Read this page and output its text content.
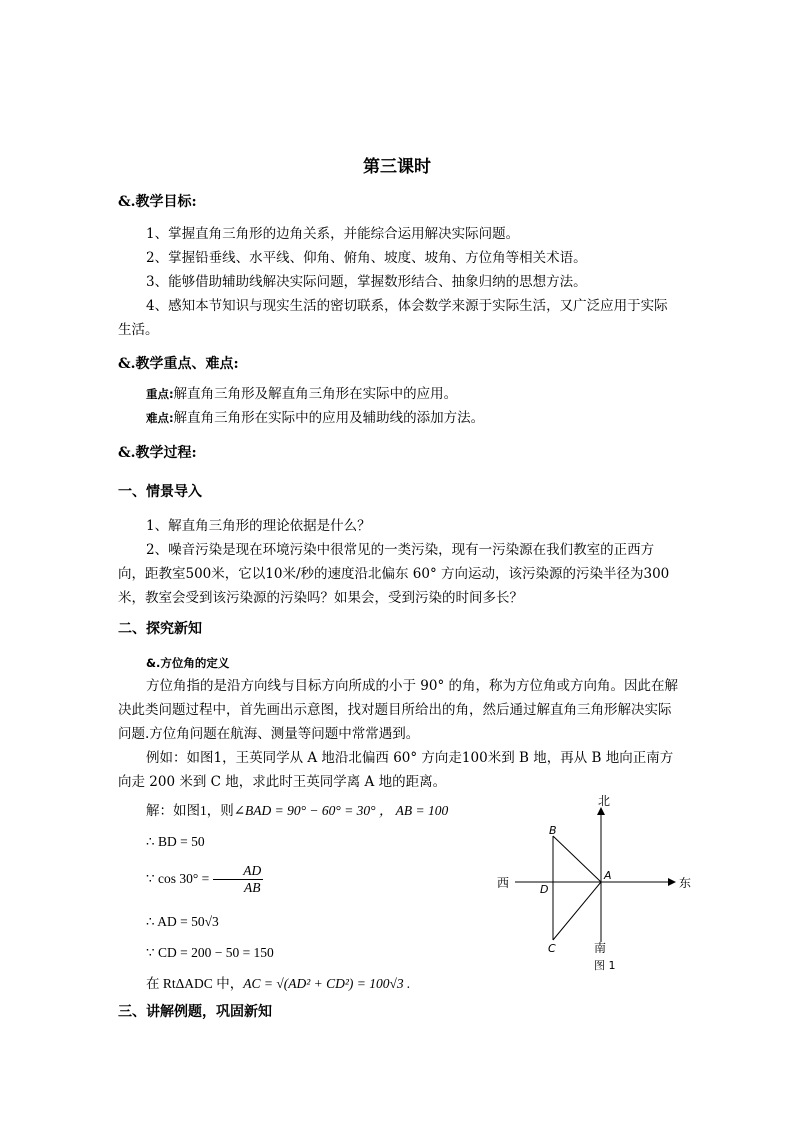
第三课时

&.教学目标:

1、掌握直角三角形的边角关系，并能综合运用解决实际问题。

2、掌握铅垂线、水平线、仰角、俯角、坡度、坡角、方位角等相关术语。

3、能够借助辅助线解决实际问题，掌握数形结合、抽象归纳的思想方法。

4、感知本节知识与现实生活的密切联系，体会数学来源于实际生活，又广泛应用于实际生活。

&.教学重点、难点:

重点:解直角三角形及解直角三角形在实际中的应用。

难点:解直角三角形在实际中的应用及辅助线的添加方法。

&.教学过程:

一、情景导入

1、解直角三角形的理论依据是什么？

2、噪音污染是现在环境污染中很常见的一类污染，现有一污染源在我们教室的正西方向，距教室500米，它以10米/秒的速度沿北偏东 60° 方向运动，该污染源的污染半径为300米，教室会受到该污染源的污染吗？如果会，受到污染的时间多长？

二、探究新知

&.方位角的定义

方位角指的是沿方向线与目标方向所成的小于 90° 的角，称为方位角或方向角。因此在解决此类问题过程中，首先画出示意图，找对题目所给出的角，然后通过解直角三角形解决实际问题.方位角问题在航海、测量等问题中常常遇到。

例如：如图1，王英同学从 A 地沿北偏西 60° 方向走100米到 B 地，再从 B 地向正南方向走 200 米到 C 地，求此时王英同学离 A 地的距离。

解：如图1，则∠BAD = 90° − 60° = 30° ， AB = 100

∴ BD = 50

∵ $\cos 30^\circ = \frac{AD}{AB}$

∴ AD = 50√3

∵ CD = 200 − 50 = 150

在 RtΔADC 中，AC = √(AD² + CD²) = 100√3 .

北
南
东
西
A
B
C
D
图 1

三、讲解例题，巩固新知
